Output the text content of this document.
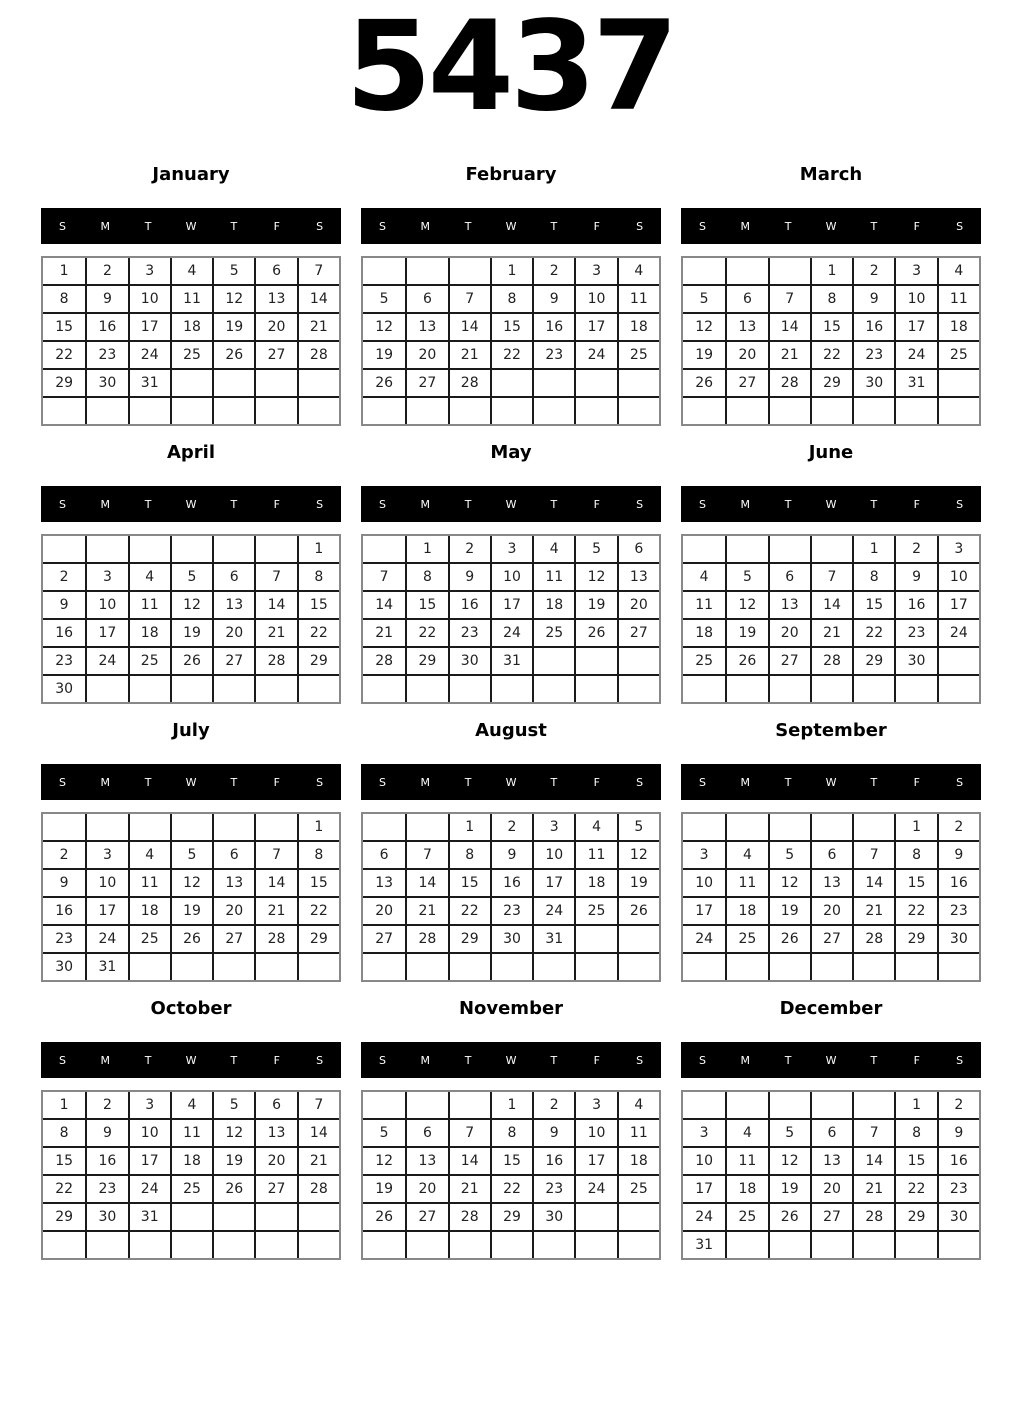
5437
January
S	M	T	W	T	F	S
1	2	3	4	5	6	7
8	9	10	11	12	13	14
15	16	17	18	19	20	21
22	23	24	25	26	27	28
29	30	31				

February
S	M	T	W	T	F	S
			1	2	3	4
5	6	7	8	9	10	11
12	13	14	15	16	17	18
19	20	21	22	23	24	25
26	27	28				

March
S	M	T	W	T	F	S
			1	2	3	4
5	6	7	8	9	10	11
12	13	14	15	16	17	18
19	20	21	22	23	24	25
26	27	28	29	30	31	

April
S	M	T	W	T	F	S
						1
2	3	4	5	6	7	8
9	10	11	12	13	14	15
16	17	18	19	20	21	22
23	24	25	26	27	28	29
30						
May
S	M	T	W	T	F	S
	1	2	3	4	5	6
7	8	9	10	11	12	13
14	15	16	17	18	19	20
21	22	23	24	25	26	27
28	29	30	31			

June
S	M	T	W	T	F	S
				1	2	3
4	5	6	7	8	9	10
11	12	13	14	15	16	17
18	19	20	21	22	23	24
25	26	27	28	29	30	

July
S	M	T	W	T	F	S
						1
2	3	4	5	6	7	8
9	10	11	12	13	14	15
16	17	18	19	20	21	22
23	24	25	26	27	28	29
30	31					
August
S	M	T	W	T	F	S
		1	2	3	4	5
6	7	8	9	10	11	12
13	14	15	16	17	18	19
20	21	22	23	24	25	26
27	28	29	30	31		

September
S	M	T	W	T	F	S
					1	2
3	4	5	6	7	8	9
10	11	12	13	14	15	16
17	18	19	20	21	22	23
24	25	26	27	28	29	30

October
S	M	T	W	T	F	S
1	2	3	4	5	6	7
8	9	10	11	12	13	14
15	16	17	18	19	20	21
22	23	24	25	26	27	28
29	30	31				

November
S	M	T	W	T	F	S
			1	2	3	4
5	6	7	8	9	10	11
12	13	14	15	16	17	18
19	20	21	22	23	24	25
26	27	28	29	30		

December
S	M	T	W	T	F	S
					1	2
3	4	5	6	7	8	9
10	11	12	13	14	15	16
17	18	19	20	21	22	23
24	25	26	27	28	29	30
31						
